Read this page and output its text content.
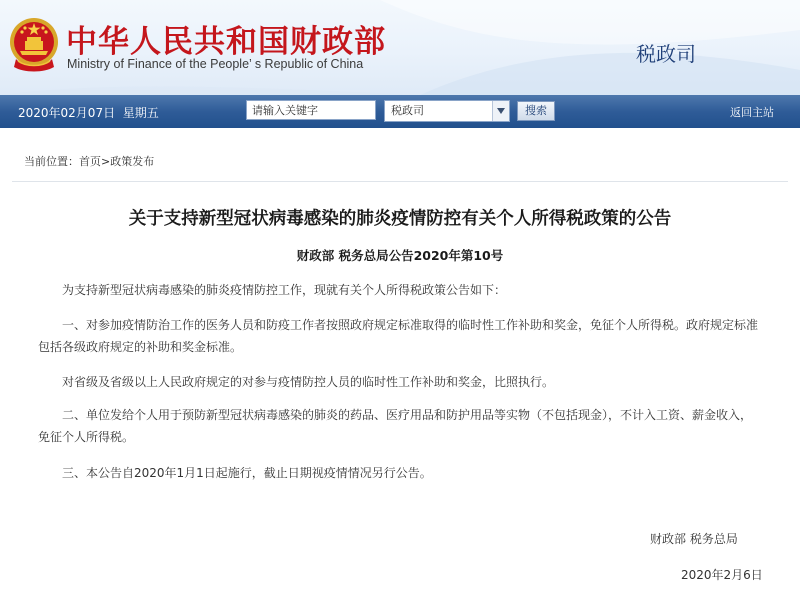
中华人民共和国财政部
Ministry of Finance of the People’ s Republic of China	税政司
2020年02月07日 星期五	请输入关键字	税政司	搜索	返回主站
当前位置：首页>政策发布
关于支持新型冠状病毒感染的肺炎疫情防控有关个人所得税政策的公告
财政部 税务总局公告2020年第10号

为支持新型冠状病毒感染的肺炎疫情防控工作，现就有关个人所得税政策公告如下：

一、对参加疫情防治工作的医务人员和防疫工作者按照政府规定标准取得的临时性工作补助和奖金，免征个人所得税。政府规定标准包括各级政府规定的补助和奖金标准。

对省级及省级以上人民政府规定的对参与疫情防控人员的临时性工作补助和奖金，比照执行。

二、单位发给个人用于预防新型冠状病毒感染的肺炎的药品、医疗用品和防护用品等实物（不包括现金），不计入工资、薪金收入，免征个人所得税。

三、本公告自2020年1月1日起施行，截止日期视疫情情况另行公告。

财政部 税务总局
2020年2月6日
